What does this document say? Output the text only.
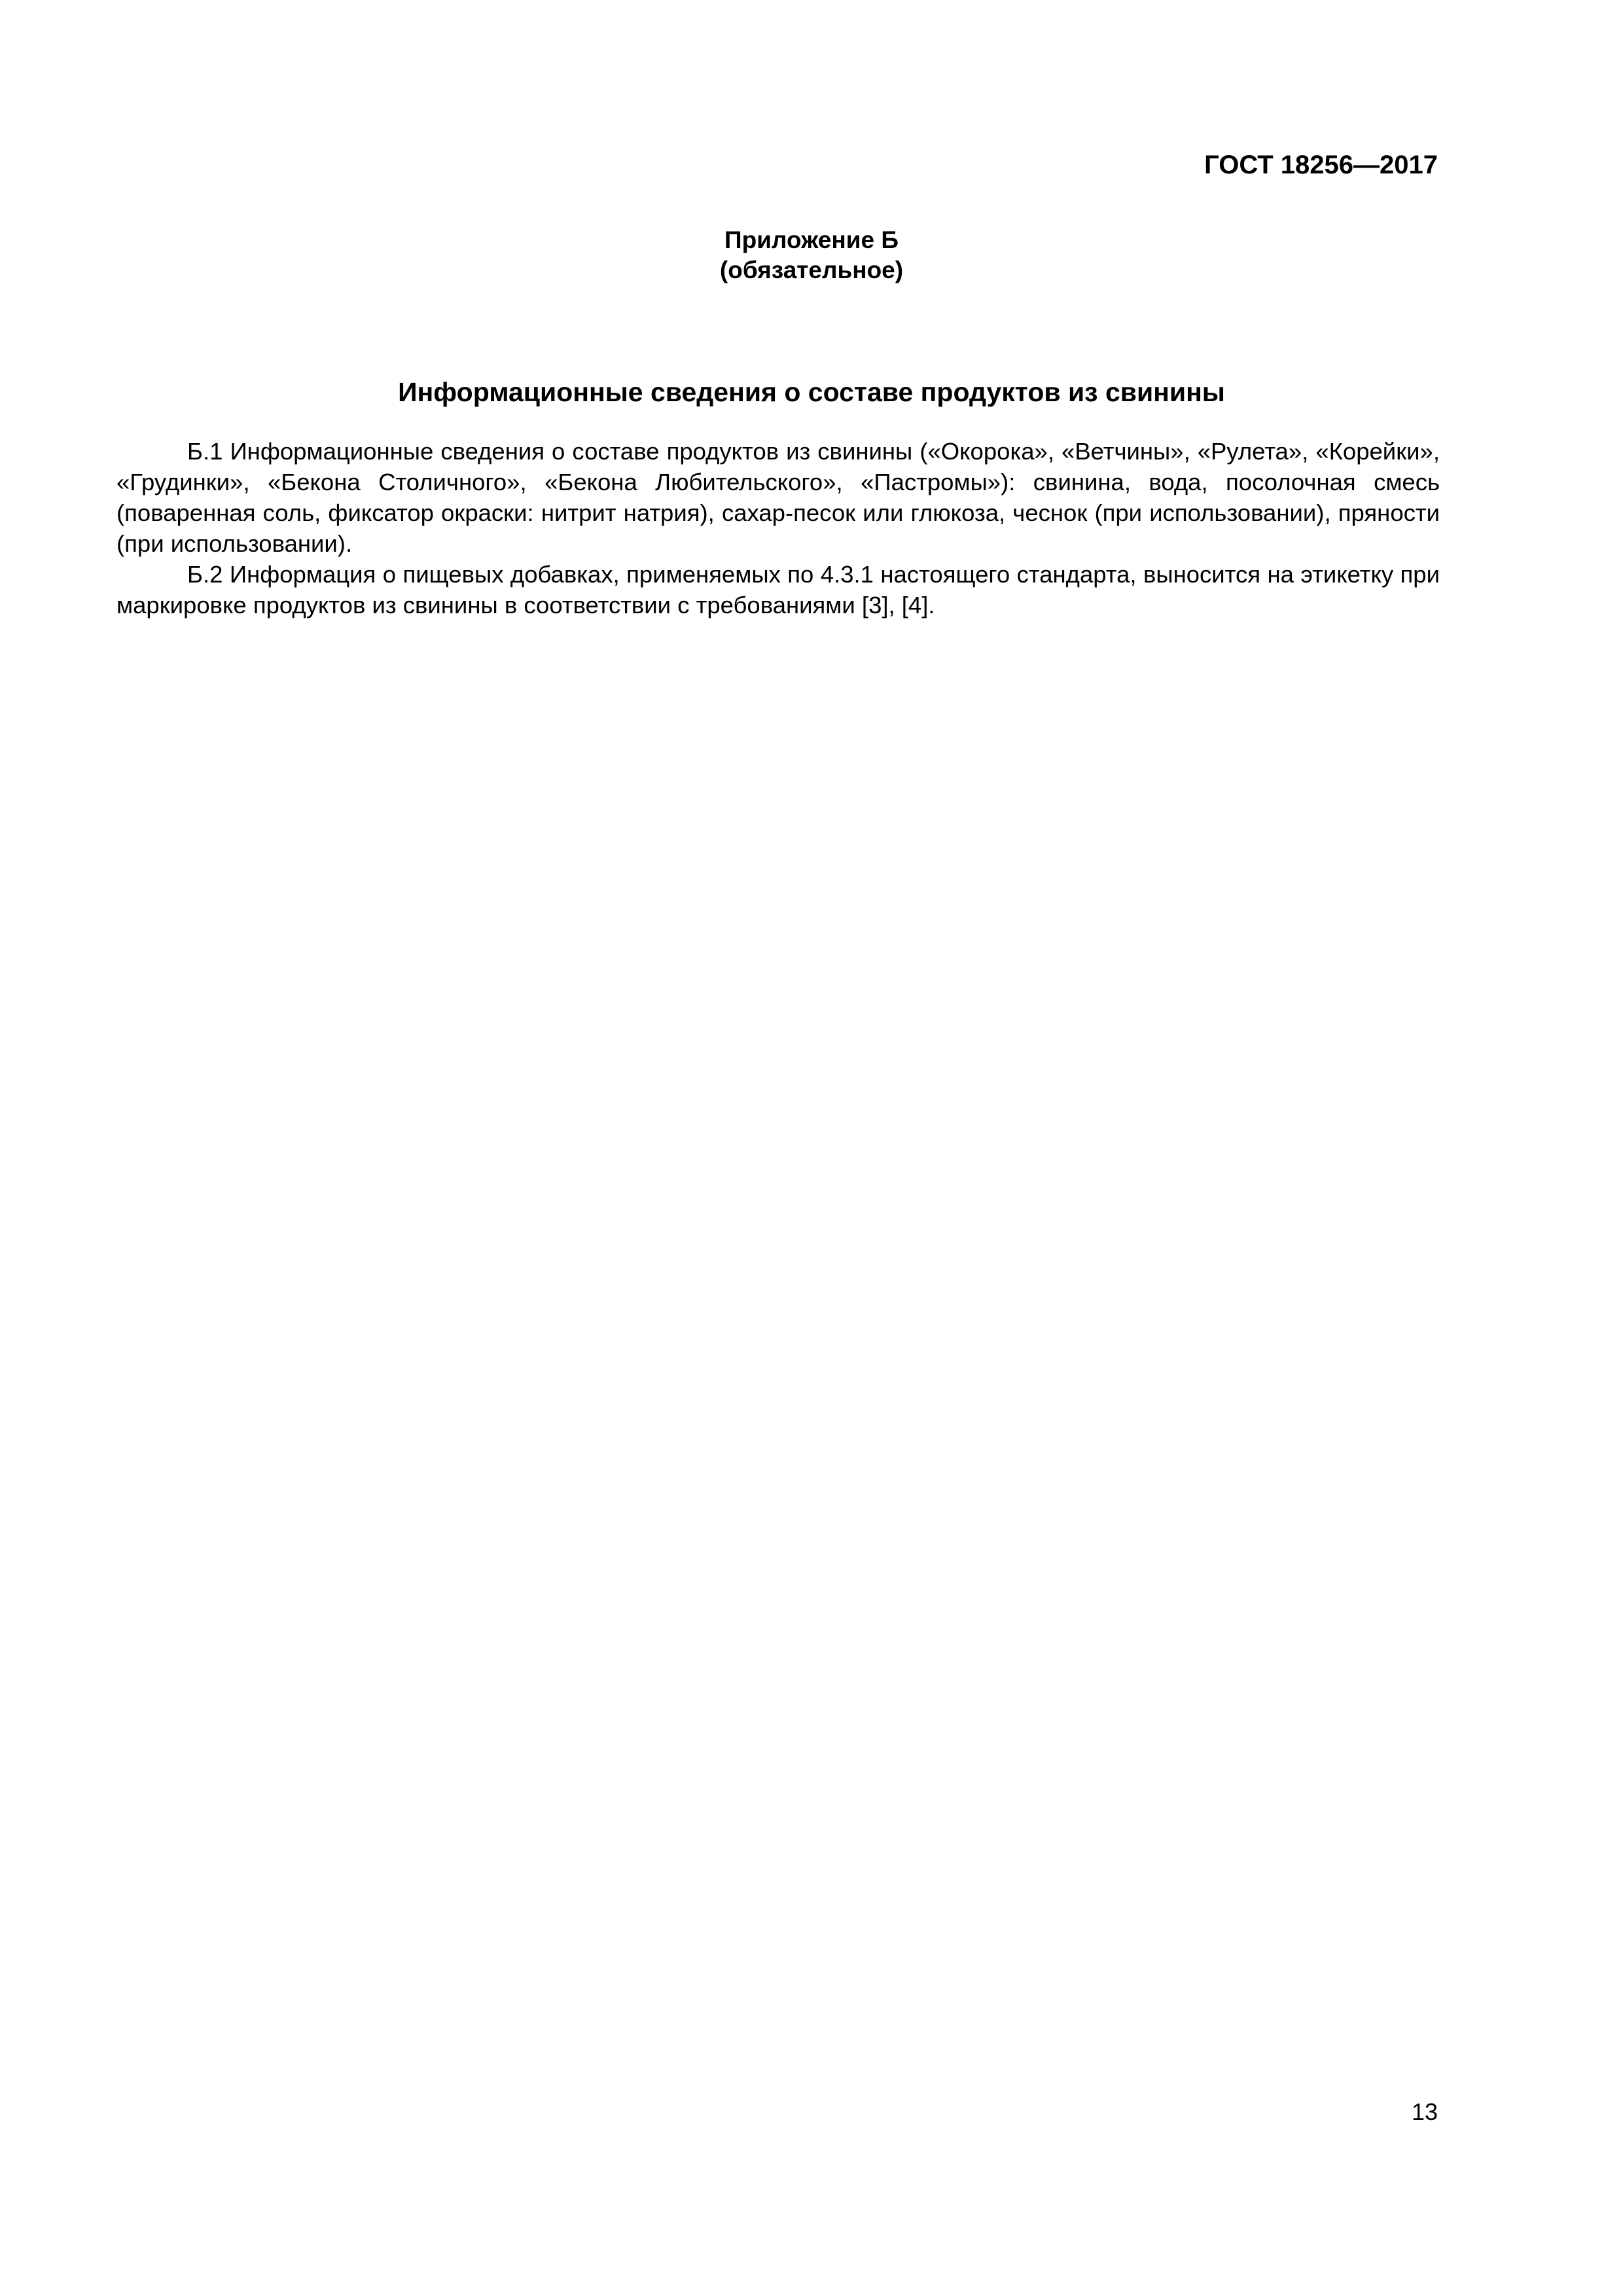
ГОСТ 18256—2017
Приложение Б
(обязательное)
Информационные сведения о составе продуктов из свинины

Б.1 Информационные сведения о составе продуктов из свинины («Окорока», «Ветчины», «Рулета», «Корейки», «Грудинки», «Бекона Столичного», «Бекона Любительского», «Пастромы»): свинина, вода, посолочная смесь (поваренная соль, фиксатор окраски: нитрит натрия), сахар-песок или глюкоза, чеснок (при использовании), пряности (при использовании).

Б.2 Информация о пищевых добавках, применяемых по 4.3.1 настоящего стандарта, выносится на этикетку при маркировке продуктов из свинины в соответствии с требованиями [3], [4].

13
